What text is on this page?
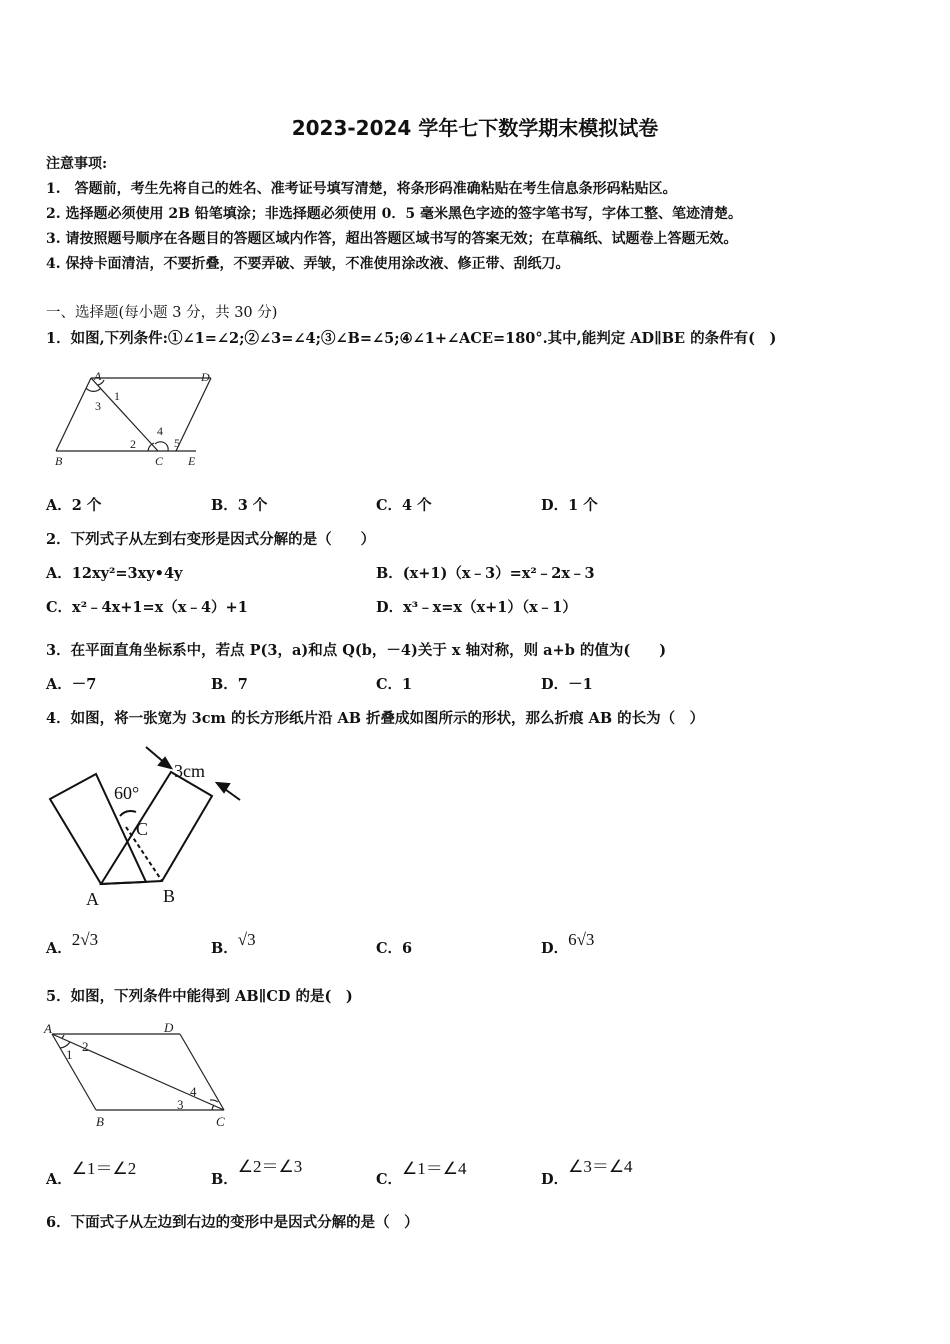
2023-2024 学年七下数学期末模拟试卷
注意事项:
1.　答题前，考生先将自己的姓名、准考证号填写清楚，将条形码准确粘贴在考生信息条形码粘贴区。
2. 选择题必须使用 2B 铅笔填涂；非选择题必须使用 0．5 毫米黑色字迹的签字笔书写，字体工整、笔迹清楚。
3. 请按照题号顺序在各题目的答题区域内作答，超出答题区域书写的答案无效；在草稿纸、试题卷上答题无效。
4. 保持卡面清洁，不要折叠，不要弄破、弄皱，不准使用涂改液、修正带、刮纸刀。
一、选择题(每小题 3 分，共 30 分)
1．如图,下列条件:①∠1=∠2;②∠3=∠4;③∠B=∠5;④∠1+∠ACE=180°.其中,能判定 AD∥BE 的条件有(　)
A	D
1
3
4
2	5
B	C E
A．2 个	B．3 个	C．4 个	D．1 个
2．下列式子从左到右变形是因式分解的是（　　）
A．12xy²=3xy•4y	B．(x+1)（x﹣3）=x²﹣2x﹣3
C．x²﹣4x+1=x（x﹣4）+1	D．x³﹣x=x（x+1）（x﹣1）
3．在平面直角坐标系中，若点 P(3，a)和点 Q(b，－4)关于 x 轴对称，则 a+b 的值为(　　)
A．－7	B．7	C．1	D．－1
4．如图，将一张宽为 3cm 的长方形纸片沿 AB 折叠成如图所示的形状，那么折痕 AB 的长为（　）
3cm
60°
C
A	B
A．2√3	B．√3	C．6	D．6√3
5．如图，下列条件中能得到 AB∥CD 的是(　)
A	D
2
1
4
3
B	C
A．∠1＝∠2
B．∠2＝∠3
C．∠1＝∠4
D．∠3＝∠4
6．下面式子从左边到右边的变形中是因式分解的是（　）
